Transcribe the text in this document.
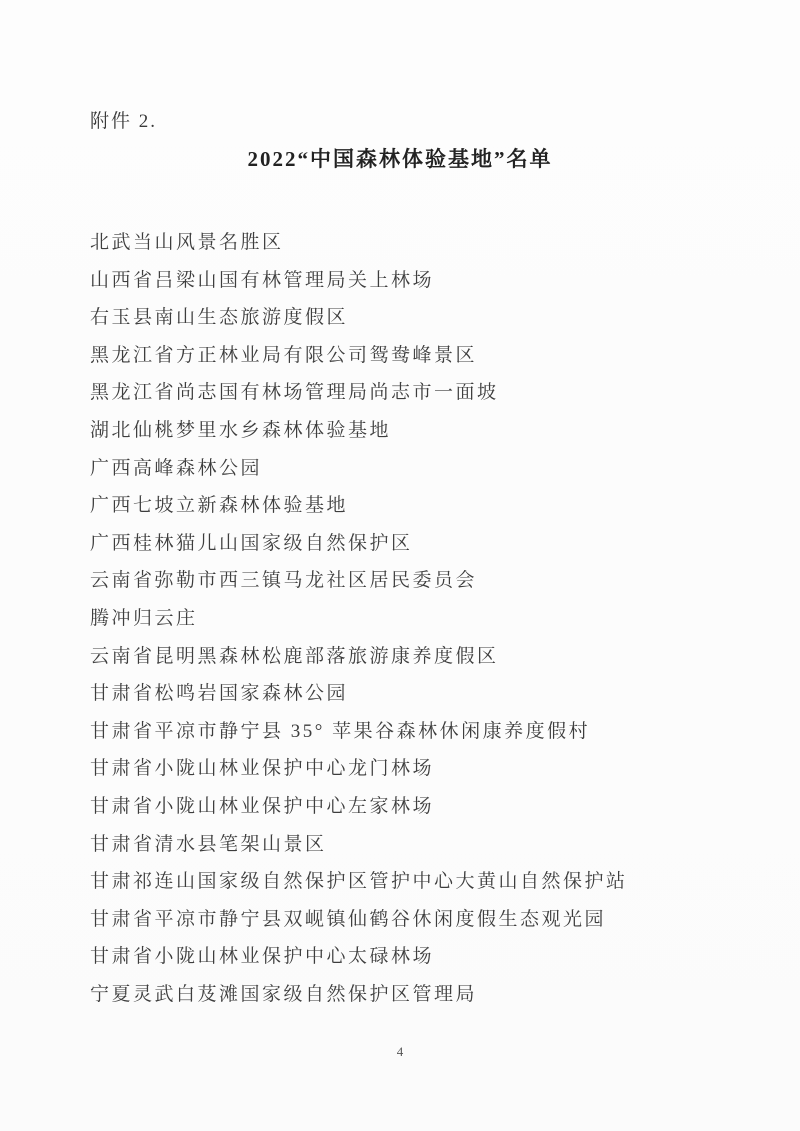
附件 2.
2022“中国森林体验基地”名单
北武当山风景名胜区
山西省吕梁山国有林管理局关上林场
右玉县南山生态旅游度假区
黑龙江省方正林业局有限公司鸳鸯峰景区
黑龙江省尚志国有林场管理局尚志市一面坡
湖北仙桃梦里水乡森林体验基地
广西高峰森林公园
广西七坡立新森林体验基地
广西桂林猫儿山国家级自然保护区
云南省弥勒市西三镇马龙社区居民委员会
腾冲归云庄
云南省昆明黑森林松鹿部落旅游康养度假区
甘肃省松鸣岩国家森林公园
甘肃省平凉市静宁县 35° 苹果谷森林休闲康养度假村
甘肃省小陇山林业保护中心龙门林场
甘肃省小陇山林业保护中心左家林场
甘肃省清水县笔架山景区
甘肃祁连山国家级自然保护区管护中心大黄山自然保护站
甘肃省平凉市静宁县双岘镇仙鹤谷休闲度假生态观光园
甘肃省小陇山林业保护中心太碌林场
宁夏灵武白芨滩国家级自然保护区管理局
4
